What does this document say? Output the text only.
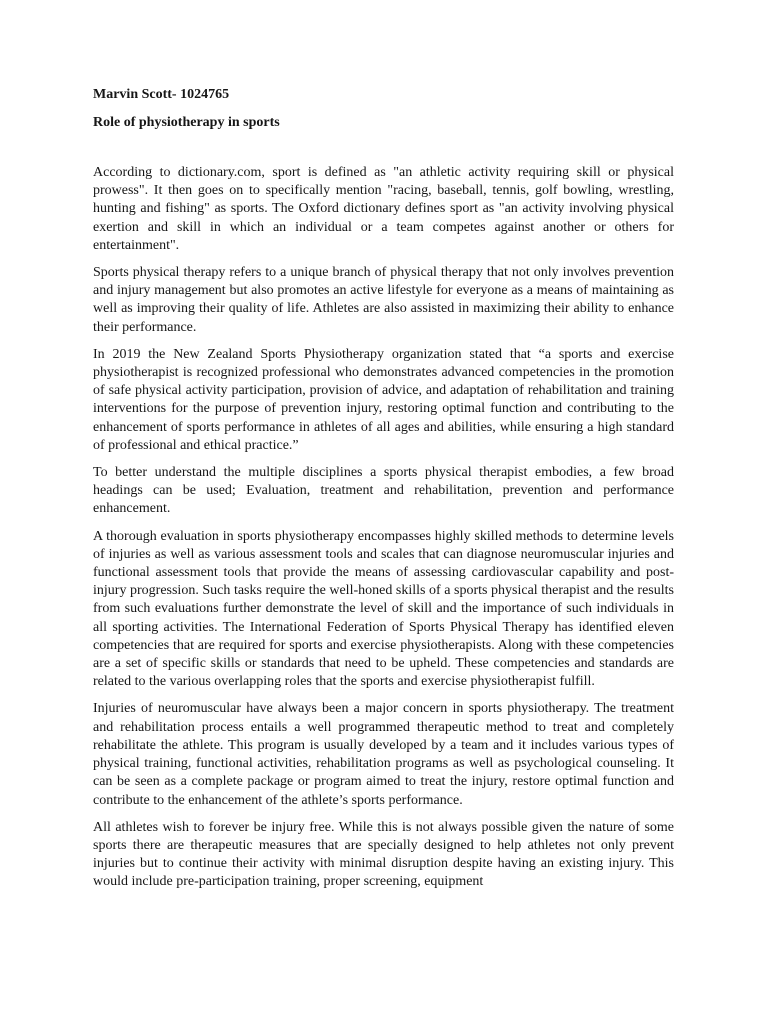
Marvin Scott- 1024765
Role of physiotherapy in sports

According to dictionary.com, sport is defined as "an athletic activity requiring skill or physical prowess". It then goes on to specifically mention "racing, baseball, tennis, golf bowling, wrestling, hunting and fishing" as sports. The Oxford dictionary defines sport as "an activity involving physical exertion and skill in which an individual or a team competes against another or others for entertainment".

Sports physical therapy refers to a unique branch of physical therapy that not only involves prevention and injury management but also promotes an active lifestyle for everyone as a means of maintaining as well as improving their quality of life. Athletes are also assisted in maximizing their ability to enhance their performance.

In 2019 the New Zealand Sports Physiotherapy organization stated that “a sports and exercise physiotherapist is recognized professional who demonstrates advanced competencies in the promotion of safe physical activity participation, provision of advice, and adaptation of rehabilitation and training interventions for the purpose of prevention injury, restoring optimal function and contributing to the enhancement of sports performance in athletes of all ages and abilities, while ensuring a high standard of professional and ethical practice.”

To better understand the multiple disciplines a sports physical therapist embodies, a few broad headings can be used; Evaluation, treatment and rehabilitation, prevention and performance enhancement.

A thorough evaluation in sports physiotherapy encompasses highly skilled methods to determine levels of injuries as well as various assessment tools and scales that can diagnose neuromuscular injuries and functional assessment tools that provide the means of assessing cardiovascular capability and post- injury progression. Such tasks require the well-honed skills of a sports physical therapist and the results from such evaluations further demonstrate the level of skill and the importance of such individuals in all sporting activities. The International Federation of Sports Physical Therapy has identified eleven competencies that are required for sports and exercise physiotherapists. Along with these competencies are a set of specific skills or standards that need to be upheld. These competencies and standards are related to the various overlapping roles that the sports and exercise physiotherapist fulfill.

Injuries of neuromuscular have always been a major concern in sports physiotherapy. The treatment and rehabilitation process entails a well programmed therapeutic method to treat and completely rehabilitate the athlete. This program is usually developed by a team and it includes various types of physical training, functional activities, rehabilitation programs as well as psychological counseling. It can be seen as a complete package or program aimed to treat the injury, restore optimal function and contribute to the enhancement of the athlete’s sports performance.

All athletes wish to forever be injury free. While this is not always possible given the nature of some sports there are therapeutic measures that are specially designed to help athletes not only prevent injuries but to continue their activity with minimal disruption despite having an existing injury. This would include pre-participation training, proper screening, equipment
